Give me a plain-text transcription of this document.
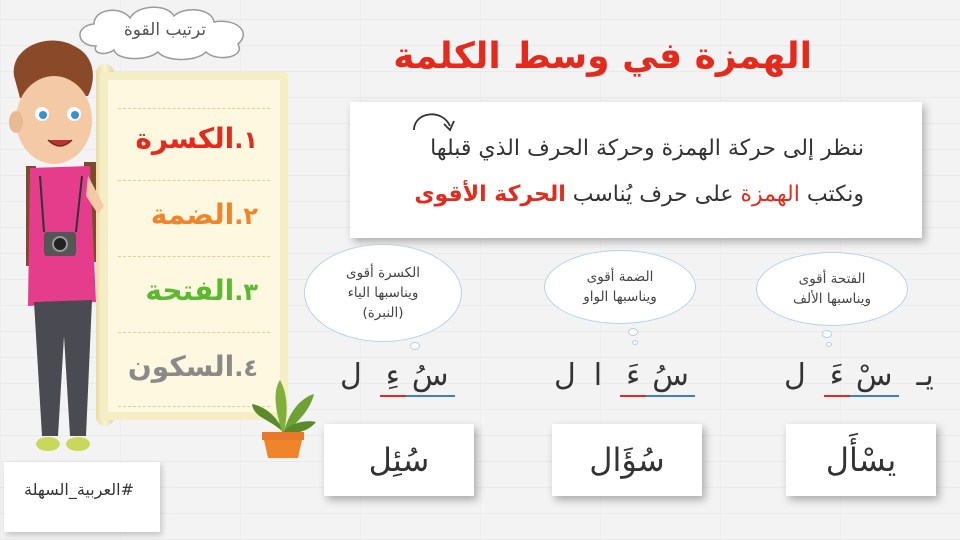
الهمزة في وسط الكلمة
ترتيب القوة
١.الكسرة
٢.الضمة
٣.الفتحة
٤.السكون
ننظر إلى حركة الهمزة وحركة الحرف الذي قبلها
ونكتب الهمزة على حرف يُناسب الحركة الأقوى
الفتحة أقوى
ويناسبها الألف
الضمة أقوى
ويناسبها الواو
الكسرة أقوى
ويناسبها الياء
(النبرة)
يـ
سْ
ءَ
ل
سُ
ءَ
ا
ل
سُ
ءِ
ل
يسْأَل
سُؤَال
سُئِل
#العربية_السهلة
